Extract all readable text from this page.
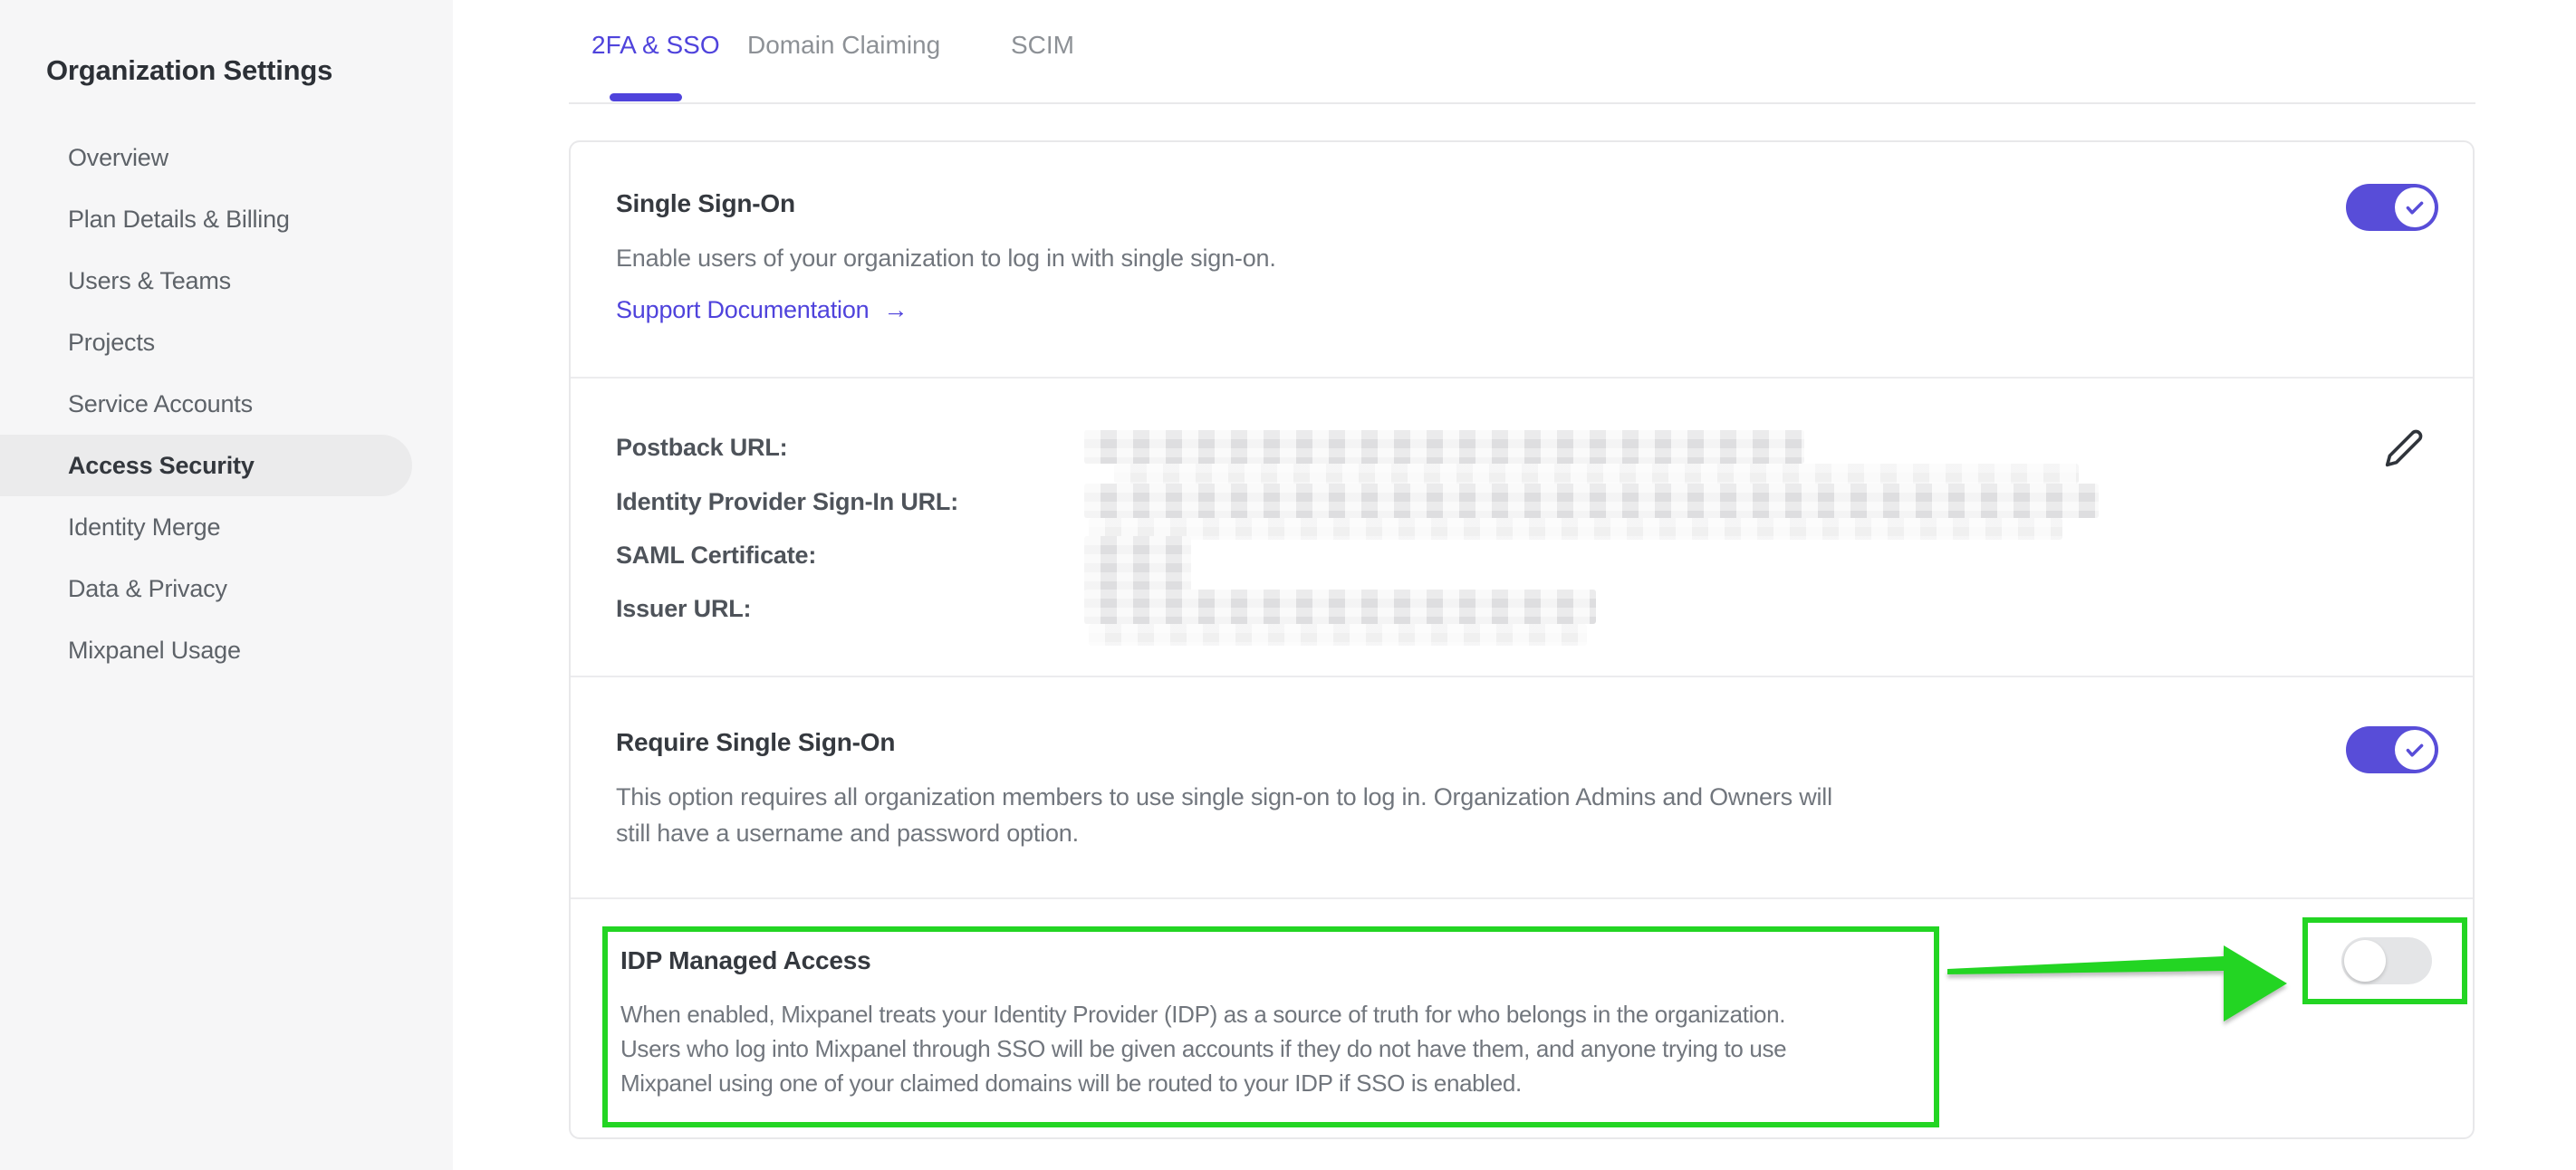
Organization Settings
Overview
Plan Details & Billing
Users & Teams
Projects
Service Accounts
Access Security
Identity Merge
Data & Privacy
Mixpanel Usage
2FA & SSO Domain Claiming	SCIM
Single Sign-On
Enable users of your organization to log in with single sign-on.
Support Documentation →
Postback URL:
Identity Provider Sign-In URL:
SAML Certificate:
Issuer URL:
Require Single Sign-On
This option requires all organization members to use single sign-on to log in. Organization Admins and Owners will
still have a username and password option.
IDP Managed Access
When enabled, Mixpanel treats your Identity Provider (IDP) as a source of truth for who belongs in the organization.
Users who log into Mixpanel through SSO will be given accounts if they do not have them, and anyone trying to use
Mixpanel using one of your claimed domains will be routed to your IDP if SSO is enabled.
